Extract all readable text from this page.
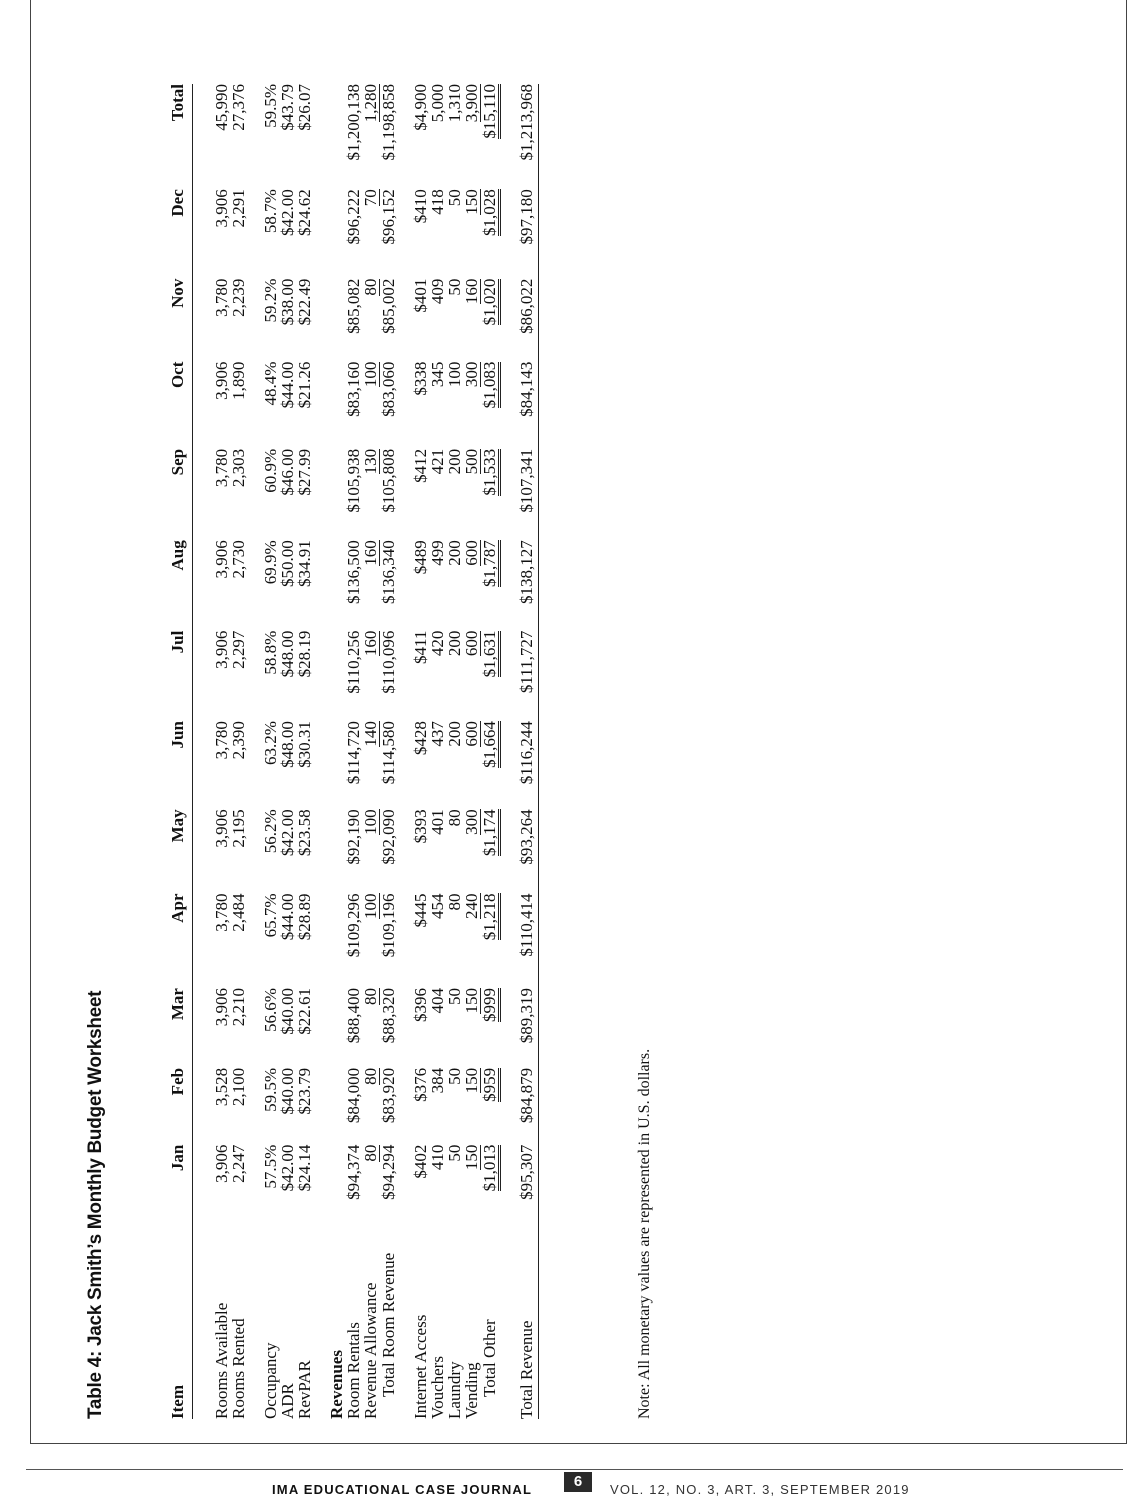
Table 4: Jack Smith’s Monthly Budget Worksheet	Item	Jan	Feb	Mar	Apr	May	Jun	Jul	Aug	Sep	Oct	Nov	Dec	Total
Rooms Available	3,906	3,528	3,906	3,780	3,906	3,780	3,906	3,906	3,780	3,906	3,780	3,906	45,990
Rooms Rented	2,247	2,100	2,210	2,484	2,195	2,390	2,297	2,730	2,303	1,890	2,239	2,291	27,376
Occupancy	57.5%	59.5%	56.6%	65.7%	56.2%	63.2%	58.8%	69.9%	60.9%	48.4%	59.2%	58.7%	59.5%
ADR	$42.00	$40.00	$40.00	$44.00	$42.00	$48.00	$48.00	$50.00	$46.00	$44.00	$38.00	$42.00	$43.79
RevPAR	$24.14	$23.79	$22.61	$28.89	$23.58	$30.31	$28.19	$34.91	$27.99	$21.26	$22.49	$24.62	$26.07
Revenues													
Room Rentals	$94,374	$84,000	$88,400	$109,296	$92,190	$114,720	$110,256	$136,500	$105,938	$83,160	$85,082	$96,222	$1,200,138
Revenue Allowance	80	80	80	100	100	140	160	160	130	100	80	70	1,280
Total Room Revenue	$94,294	$83,920	$88,320	$109,196	$92,090	$114,580	$110,096	$136,340	$105,808	$83,060	$85,002	$96,152	$1,198,858
Internet Access	$402	$376	$396	$445	$393	$428	$411	$489	$412	$338	$401	$410	$4,900
Vouchers	410	384	404	454	401	437	420	499	421	345	409	418	5,000
Laundry	50	50	50	80	80	200	200	200	200	100	50	50	1,310
Vending	150	150	150	240	300	600	600	600	500	300	160	150	3,900
Total Other	$1,013	$959	$999	$1,218	$1,174	$1,664	$1,631	$1,787	$1,533	$1,083	$1,020	$1,028	$15,110
Total Revenue	$95,307	$84,879	$89,319	$110,414	$93,264	$116,244	$111,727	$138,127	$107,341	$84,143	$86,022	$97,180	$1,213,968
Note: All monetary values are represented in U.S. dollars.
IMA EDUCATIONAL CASE JOURNAL	6	VOL. 12, NO. 3, ART. 3, SEPTEMBER 2019
